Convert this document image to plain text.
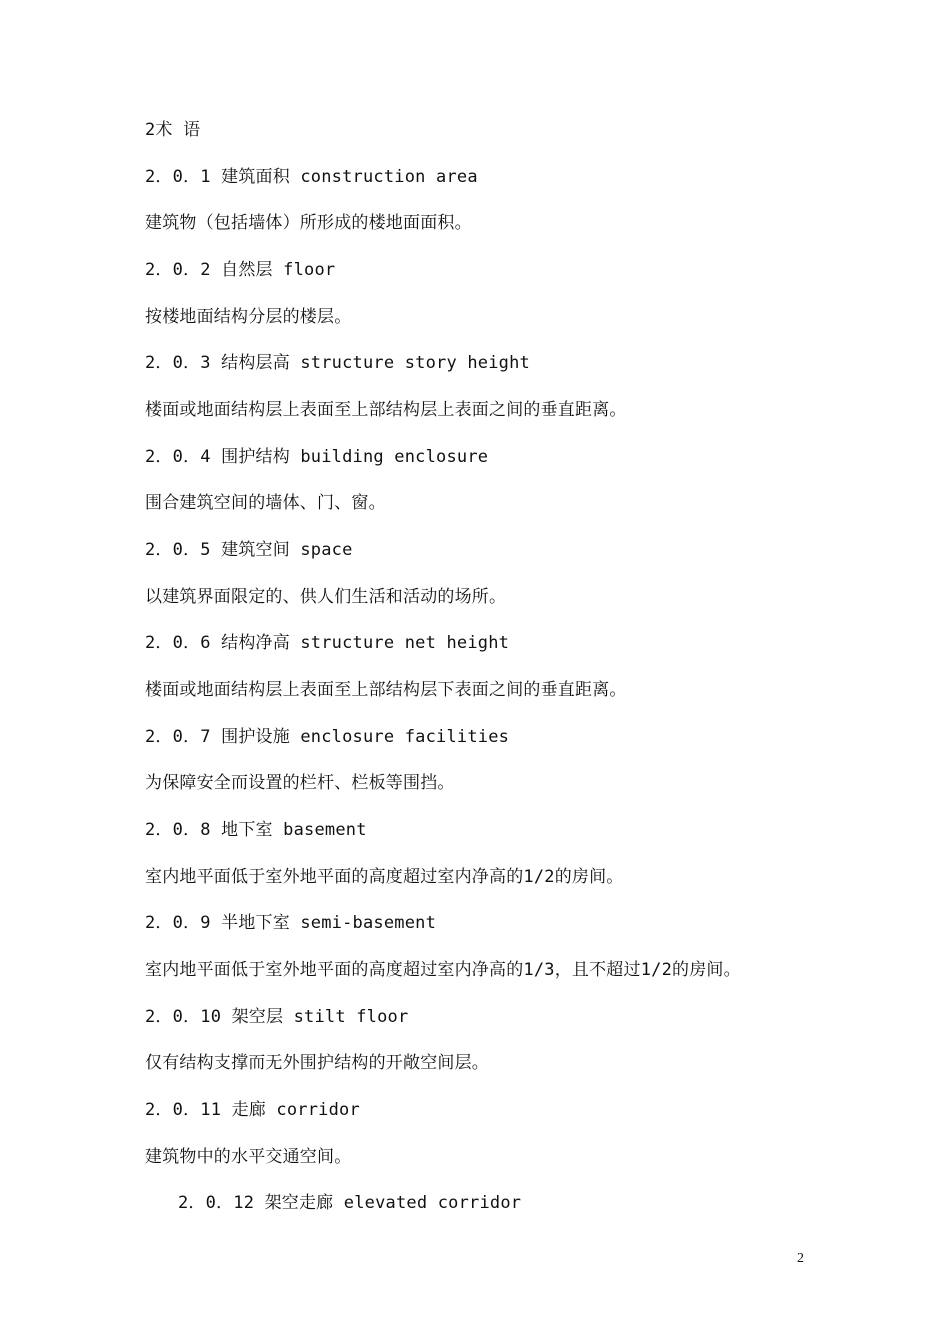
2术 语
2．0．1 建筑面积 construction area
建筑物（包括墙体）所形成的楼地面面积。
2．0．2 自然层 floor
按楼地面结构分层的楼层。
2．0．3 结构层高 structure story height
楼面或地面结构层上表面至上部结构层上表面之间的垂直距离。
2．0．4 围护结构 building enclosure
围合建筑空间的墙体、门、窗。
2．0．5 建筑空间 space
以建筑界面限定的、供人们生活和活动的场所。
2．0．6 结构净高 structure net height
楼面或地面结构层上表面至上部结构层下表面之间的垂直距离。
2．0．7 围护设施 enclosure facilities
为保障安全而设置的栏杆、栏板等围挡。
2．0．8 地下室 basement
室内地平面低于室外地平面的高度超过室内净高的1/2的房间。
2．0．9 半地下室 semi-basement
室内地平面低于室外地平面的高度超过室内净高的1/3，且不超过1/2的房间。
2．0．10 架空层 stilt floor
仅有结构支撑而无外围护结构的开敞空间层。
2．0．11 走廊 corridor
建筑物中的水平交通空间。
2．0．12 架空走廊 elevated corridor
2
